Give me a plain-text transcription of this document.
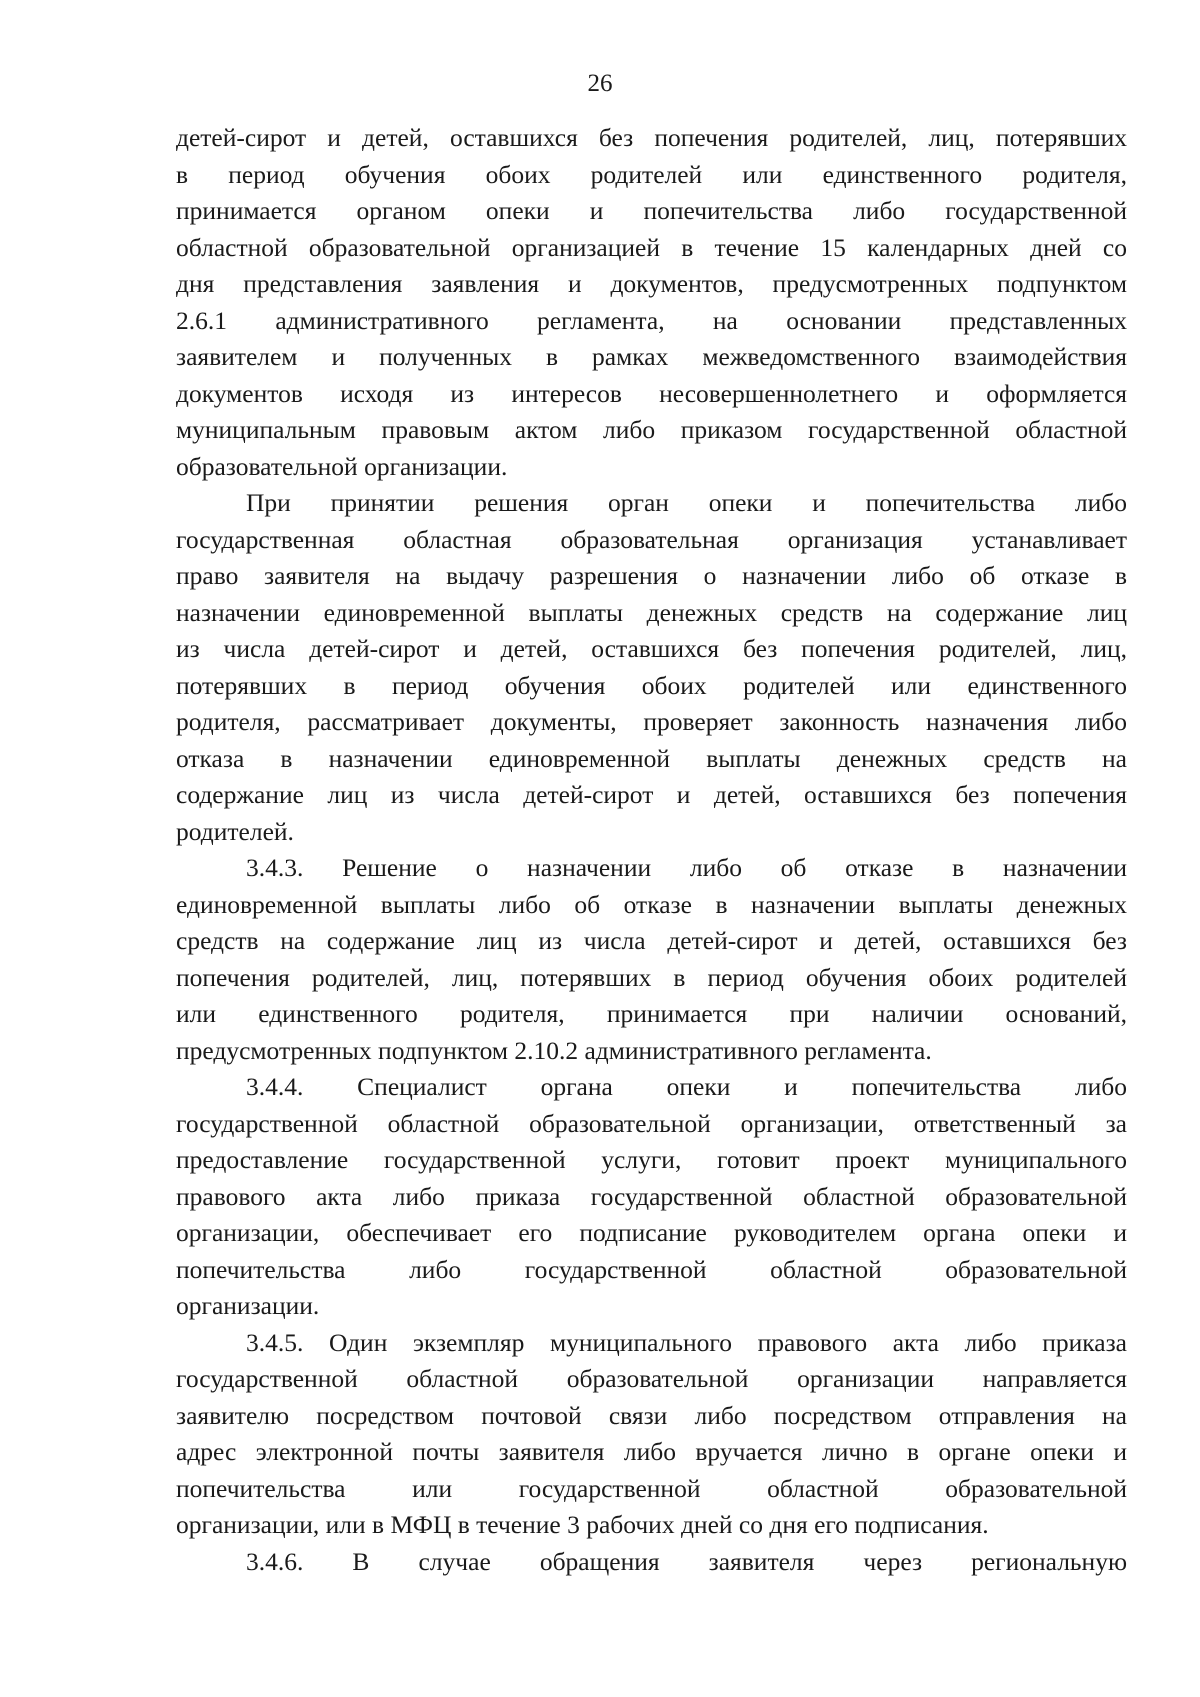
26
детей-сирот и детей, оставшихся без попечения родителей, лиц, потерявших
в период обучения обоих родителей или единственного родителя,
принимается органом опеки и попечительства либо государственной
областной образовательной организацией в течение 15 календарных дней со
дня представления заявления и документов, предусмотренных подпунктом
2.6.1 административного регламента, на основании представленных
заявителем и полученных в рамках межведомственного взаимодействия
документов исходя из интересов несовершеннолетнего и оформляется
муниципальным правовым актом либо приказом государственной областной
образовательной организации.
При принятии решения орган опеки и попечительства либо
государственная областная образовательная организация устанавливает
право заявителя на выдачу разрешения о назначении либо об отказе в
назначении единовременной выплаты денежных средств на содержание лиц
из числа детей-сирот и детей, оставшихся без попечения родителей, лиц,
потерявших в период обучения обоих родителей или единственного
родителя, рассматривает документы, проверяет законность назначения либо
отказа в назначении единовременной выплаты денежных средств на
содержание лиц из числа детей-сирот и детей, оставшихся без попечения
родителей.
3.4.3. Решение о назначении либо об отказе в назначении
единовременной выплаты либо об отказе в назначении выплаты денежных
средств на содержание лиц из числа детей-сирот и детей, оставшихся без
попечения родителей, лиц, потерявших в период обучения обоих родителей
или единственного родителя, принимается при наличии оснований,
предусмотренных подпунктом 2.10.2 административного регламента.
3.4.4. Специалист органа опеки и попечительства либо
государственной областной образовательной организации, ответственный за
предоставление государственной услуги, готовит проект муниципального
правового акта либо приказа государственной областной образовательной
организации, обеспечивает его подписание руководителем органа опеки и
попечительства либо государственной областной образовательной
организации.
3.4.5. Один экземпляр муниципального правового акта либо приказа
государственной областной образовательной организации направляется
заявителю посредством почтовой связи либо посредством отправления на
адрес электронной почты заявителя либо вручается лично в органе опеки и
попечительства или государственной областной образовательной
организации, или в МФЦ в течение 3 рабочих дней со дня его подписания.
3.4.6. В случае обращения заявителя через региональную
